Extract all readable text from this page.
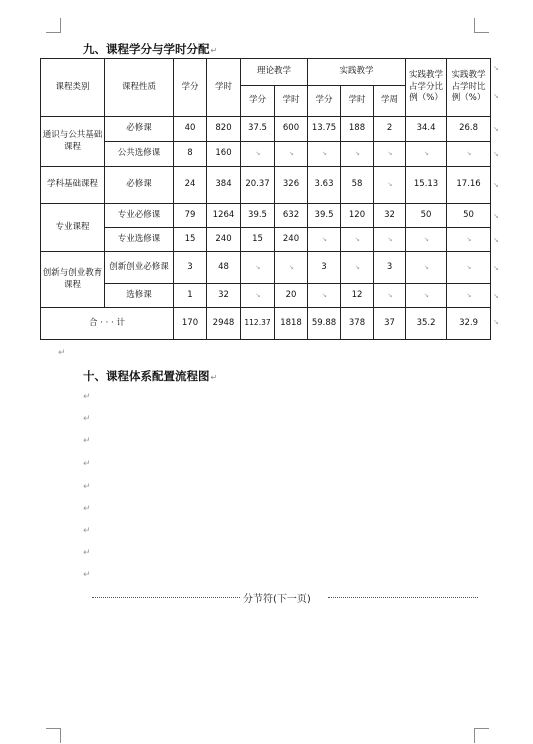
九、课程学分与学时分配↵
课程类别	课程性质	学分	学时	理论教学		实践教学			实践教学占学分比例（%）	实践教学占学时比例（%）
				学分	学时	学分	学时	学周		
通识与公共基础课程	必修课	40	820	37.5	600	13.75	188	2	34.4	26.8
	公共选修课	8	160	↘	↘	↘	↘	↘	↘	↘
学科基础课程	必修课	24	384	20.37	326	3.63	58	↘	15.13	17.16
专业课程	专业必修课	79	1264	39.5	632	39.5	120	32	50	50
	专业选修课	15	240	15	240	↘	↘	↘	↘	↘
创新与创业教育课程	创新创业必修课	3	48	↘	↘	3	↘	3	↘	↘
	选修课	1	32	↘	20	↘	12	↘	↘	↘
合 · · · 计		170	2948	112.37	1818	59.88	378	37	35.2	32.9
↘
↘
↘
↘
↘
↘
↘
↘
↘
↘
↵
十、课程体系配置流程图↵
↵
↵
↵
↵
↵
↵
↵
↵
↵
分节符(下一页)
